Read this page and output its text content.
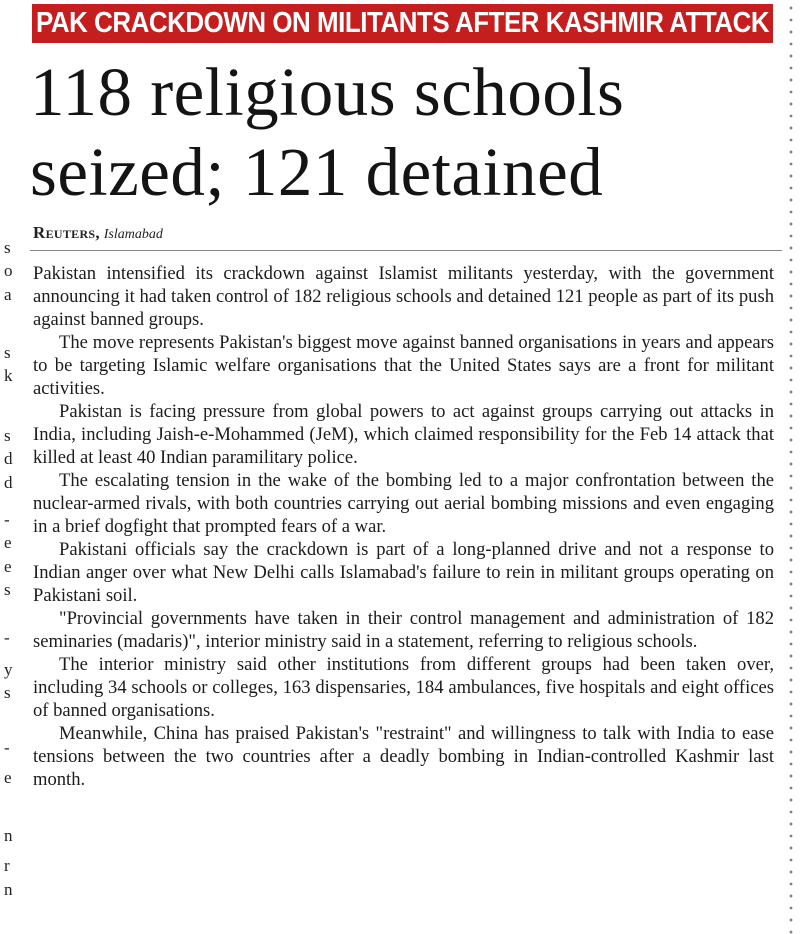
s
o
a
s
k
s
d
d
-
e
e
s
-
y
s
-
e
n
r
n
PAK CRACKDOWN ON MILITANTS AFTER KASHMIR ATTACK
118 religious schools
seized; 121 detained
Reuters, Islamabad

Pakistan intensified its crackdown against Islamist militants yesterday, with the government announcing it had taken control of 182 religious schools and detained 121 people as part of its push against banned groups.

The move represents Pakistan's biggest move against banned organisations in years and appears to be targeting Islamic welfare organisations that the United States says are a front for militant activities.

Pakistan is facing pressure from global powers to act against groups carrying out attacks in India, including Jaish-e-Mohammed (JeM), which claimed responsibility for the Feb 14 attack that killed at least 40 Indian paramilitary police.

The escalating tension in the wake of the bombing led to a major confrontation between the nuclear-armed rivals, with both countries carrying out aerial bombing missions and even engaging in a brief dogfight that prompted fears of a war.

Pakistani officials say the crackdown is part of a long-planned drive and not a response to Indian anger over what New Delhi calls Islamabad's failure to rein in militant groups operating on Pakistani soil.

"Provincial governments have taken in their control management and administration of 182 seminaries (madaris)", interior ministry said in a statement, referring to religious schools.

The interior ministry said other institutions from different groups had been taken over, including 34 schools or colleges, 163 dispensaries, 184 ambulances, five hospitals and eight offices of banned organisations.

Meanwhile, China has praised Pakistan's "restraint" and willingness to talk with India to ease tensions between the two countries after a deadly bombing in Indian-controlled Kashmir last month.
